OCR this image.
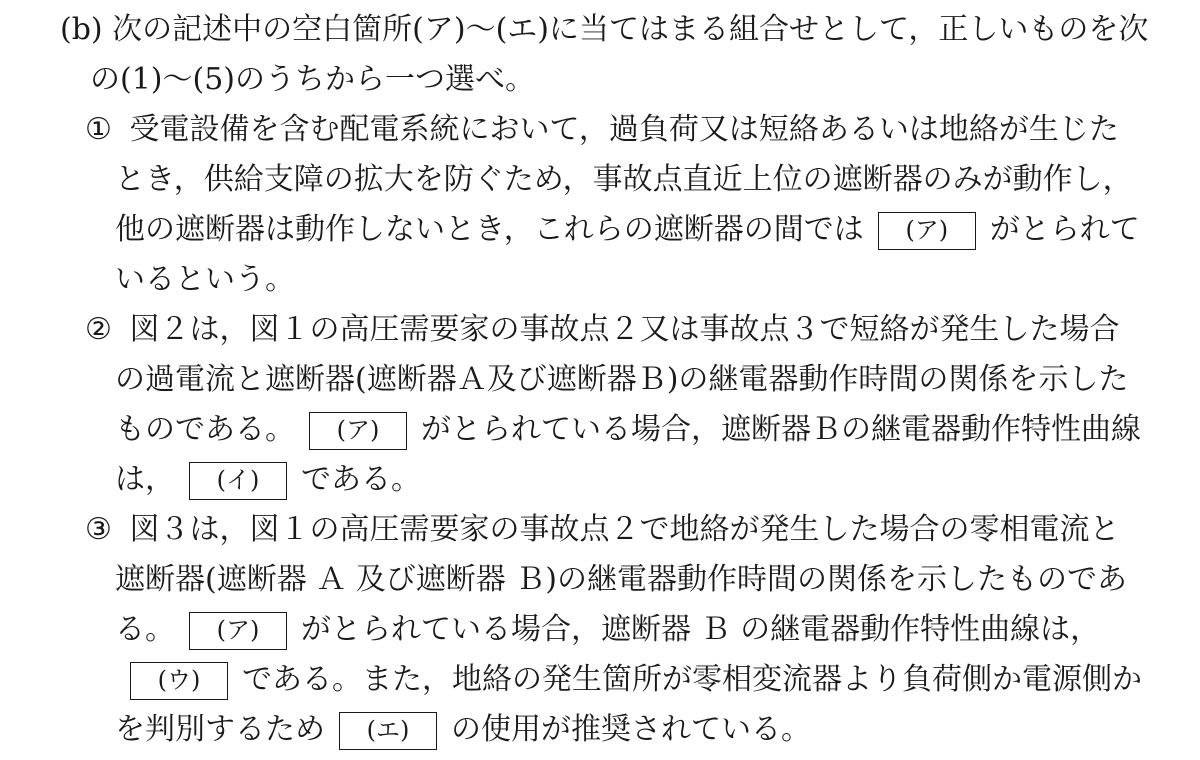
(b) 次の記述中の空白箇所(ア)～(エ)に当てはまる組合せとして，正しいものを次
の(1)～(5)のうちから一つ選べ。
① 受電設備を含む配電系統において，過負荷又は短絡あるいは地絡が生じた
とき，供給支障の拡大を防ぐため，事故点直近上位の遮断器のみが動作し，
他の遮断器は動作しないとき，これらの遮断器の間では (ア) がとられて
いるという。
② 図２は，図１の高圧需要家の事故点２又は事故点３で短絡が発生した場合
の過電流と遮断器(遮断器Ａ及び遮断器Ｂ)の継電器動作時間の関係を示した
ものである。 (ア) がとられている場合，遮断器Ｂの継電器動作特性曲線
は， (イ) である。
③ 図３は，図１の高圧需要家の事故点２で地絡が発生した場合の零相電流と
遮断器(遮断器 Ａ 及び遮断器 Ｂ)の継電器動作時間の関係を示したものであ
る。 (ア) がとられている場合，遮断器 Ｂ の継電器動作特性曲線は，
(ウ) である。また，地絡の発生箇所が零相変流器より負荷側か電源側か
を判別するため (エ) の使用が推奨されている。
